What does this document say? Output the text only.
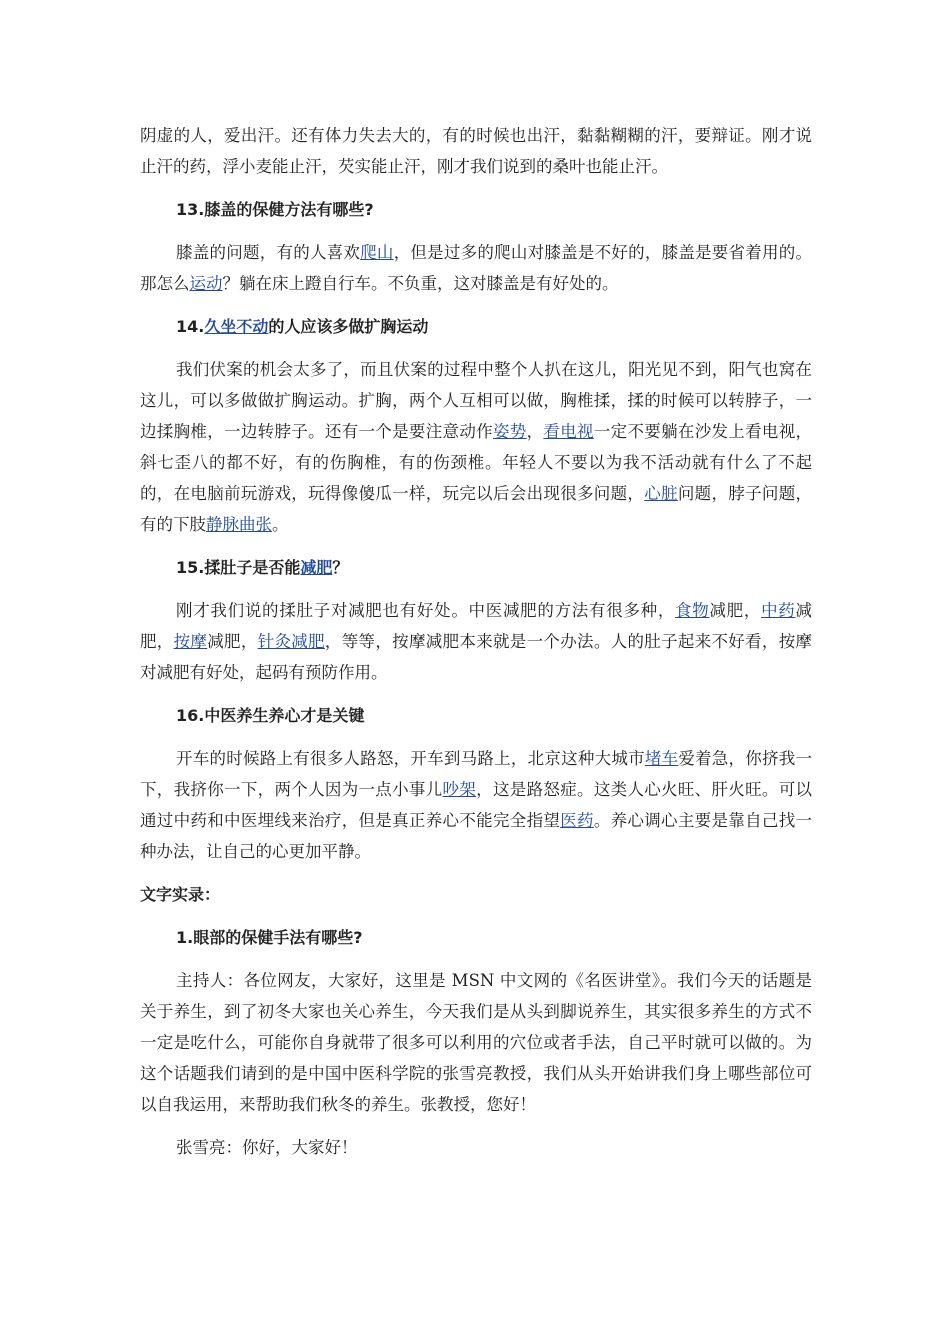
阴虚的人，爱出汗。还有体力失去大的，有的时候也出汗，黏黏糊糊的汗，要辩证。刚才说止汗的药，浮小麦能止汗，芡实能止汗，刚才我们说到的桑叶也能止汗。

13.膝盖的保健方法有哪些?

膝盖的问题，有的人喜欢爬山，但是过多的爬山对膝盖是不好的，膝盖是要省着用的。那怎么运动？躺在床上蹬自行车。不负重，这对膝盖是有好处的。

14.久坐不动的人应该多做扩胸运动

我们伏案的机会太多了，而且伏案的过程中整个人扒在这儿，阳光见不到，阳气也窝在这儿，可以多做做扩胸运动。扩胸，两个人互相可以做，胸椎揉，揉的时候可以转脖子，一边揉胸椎，一边转脖子。还有一个是要注意动作姿势，看电视一定不要躺在沙发上看电视，斜七歪八的都不好，有的伤胸椎，有的伤颈椎。年轻人不要以为我不活动就有什么了不起的，在电脑前玩游戏，玩得像傻瓜一样，玩完以后会出现很多问题，心脏问题，脖子问题，有的下肢静脉曲张。

15.揉肚子是否能减肥？

刚才我们说的揉肚子对减肥也有好处。中医减肥的方法有很多种，食物减肥，中药减肥，按摩减肥，针灸减肥，等等，按摩减肥本来就是一个办法。人的肚子起来不好看，按摩对减肥有好处，起码有预防作用。

16.中医养生养心才是关键

开车的时候路上有很多人路怒，开车到马路上，北京这种大城市堵车爱着急，你挤我一下，我挤你一下，两个人因为一点小事儿吵架，这是路怒症。这类人心火旺、肝火旺。可以通过中药和中医埋线来治疗，但是真正养心不能完全指望医药。养心调心主要是靠自己找一种办法，让自己的心更加平静。

文字实录：
1.眼部的保健手法有哪些?

主持人：各位网友，大家好，这里是 MSN 中文网的《名医讲堂》。我们今天的话题是关于养生，到了初冬大家也关心养生，今天我们是从头到脚说养生，其实很多养生的方式不一定是吃什么，可能你自身就带了很多可以利用的穴位或者手法，自己平时就可以做的。为这个话题我们请到的是中国中医科学院的张雪亮教授，我们从头开始讲我们身上哪些部位可以自我运用，来帮助我们秋冬的养生。张教授，您好！

张雪亮：你好，大家好！
